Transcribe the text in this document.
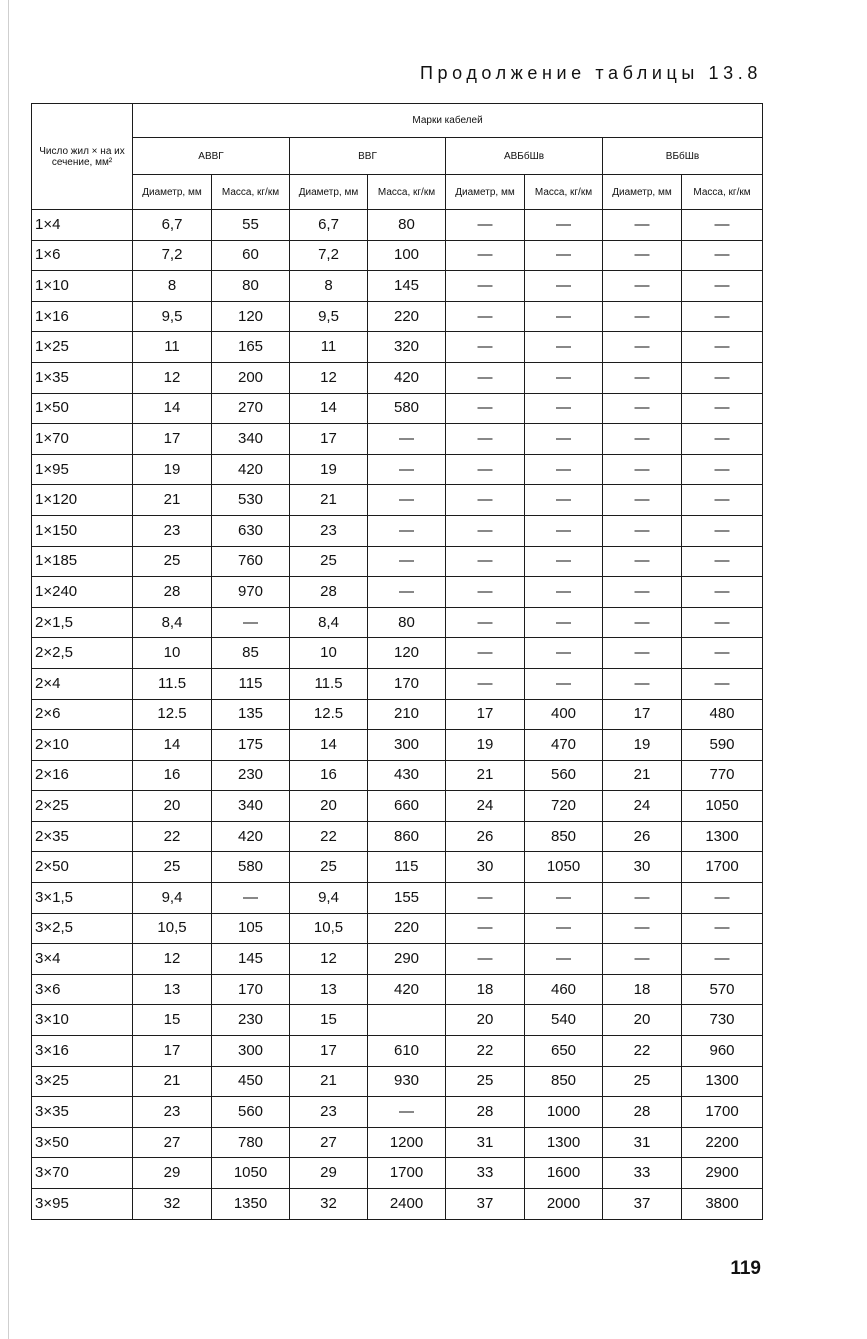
Продолжение таблицы 13.8
Число жил × на их сечение, мм²	Марки кабелей							
	АВВГ		ВВГ		АВБбШв		ВБбШв	
	Диаметр, мм	Масса, кг/км	Диаметр, мм	Масса, кг/км	Диаметр, мм	Масса, кг/км	Диаметр, мм	Масса, кг/км
1×4	6,7	55	6,7	80	—	—	—	—
1×6	7,2	60	7,2	100	—	—	—	—
1×10	8	80	8	145	—	—	—	—
1×16	9,5	120	9,5	220	—	—	—	—
1×25	11	165	11	320	—	—	—	—
1×35	12	200	12	420	—	—	—	—
1×50	14	270	14	580	—	—	—	—
1×70	17	340	17	—	—	—	—	—
1×95	19	420	19	—	—	—	—	—
1×120	21	530	21	—	—	—	—	—
1×150	23	630	23	—	—	—	—	—
1×185	25	760	25	—	—	—	—	—
1×240	28	970	28	—	—	—	—	—
2×1,5	8,4	—	8,4	80	—	—	—	—
2×2,5	10	85	10	120	—	—	—	—
2×4	11.5	115	11.5	170	—	—	—	—
2×6	12.5	135	12.5	210	17	400	17	480
2×10	14	175	14	300	19	470	19	590
2×16	16	230	16	430	21	560	21	770
2×25	20	340	20	660	24	720	24	1050
2×35	22	420	22	860	26	850	26	1300
2×50	25	580	25	115	30	1050	30	1700
3×1,5	9,4	—	9,4	155	—	—	—	—
3×2,5	10,5	105	10,5	220	—	—	—	—
3×4	12	145	12	290	—	—	—	—
3×6	13	170	13	420	18	460	18	570
3×10	15	230	15		20	540	20	730
3×16	17	300	17	610	22	650	22	960
3×25	21	450	21	930	25	850	25	1300
3×35	23	560	23	—	28	1000	28	1700
3×50	27	780	27	1200	31	1300	31	2200
3×70	29	1050	29	1700	33	1600	33	2900
3×95	32	1350	32	2400	37	2000	37	3800
119
